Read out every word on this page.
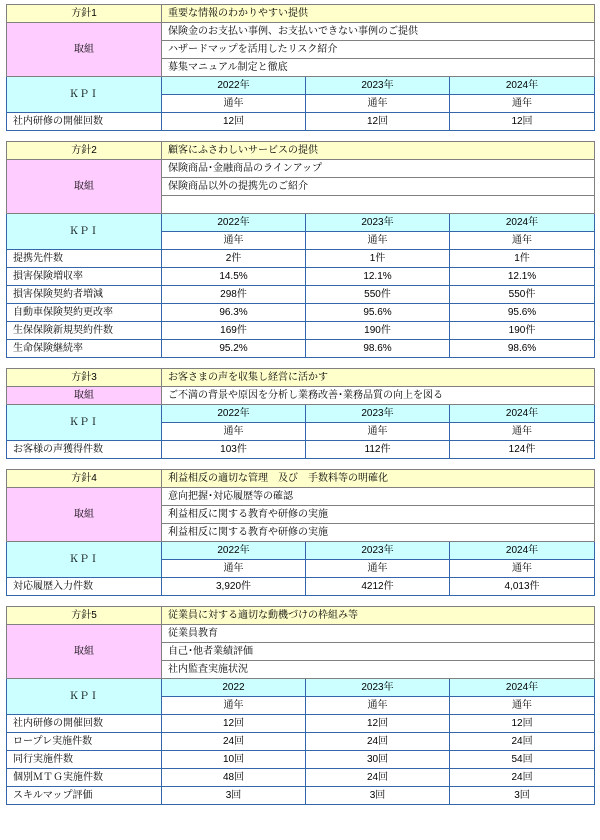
方針1	重要な情報のわかりやすい提供		
取組	保険金のお支払い事例、お支払いできない事例のご提供		
	ハザードマップを活用したリスク紹介		
	募集マニュアル制定と徹底		
ＫＰＩ	2022年	2023年	2024年
	通年	通年	通年
社内研修の開催回数	12回	12回	12回
方針2	顧客にふさわしいサービスの提供		
取組	保険商品･金融商品のラインアップ		
	保険商品以外の提携先のご紹介		

ＫＰＩ	2022年	2023年	2024年
	通年	通年	通年
提携先件数	2件	1件	1件
損害保険増収率	14.5%	12.1%	12.1%
損害保険契約者増減	298件	550件	550件
自動車保険契約更改率	96.3%	95.6%	95.6%
生保保険新規契約件数	169件	190件	190件
生命保険継続率	95.2%	98.6%	98.6%
方針3	お客さまの声を収集し経営に活かす		
取組	ご不満の背景や原因を分析し業務改善･業務品質の向上を図る		
ＫＰＩ	2022年	2023年	2024年
	通年	通年	通年
お客様の声獲得件数	103件	112件	124件
方針4	利益相反の適切な管理　及び　手数料等の明確化		
取組	意向把握･対応履歴等の確認		
	利益相反に関する教育や研修の実施		
	利益相反に関する教育や研修の実施		
ＫＰＩ	2022年	2023年	2024年
	通年	通年	通年
対応履歴入力件数	3,920件	4212件	4,013件
方針5	従業員に対する適切な動機づけの枠組み等		
取組	従業員教育		
	自己･他者業績評価		
	社内監査実施状況		
ＫＰＩ	2022	2023年	2024年
	通年	通年	通年
社内研修の開催回数	12回	12回	12回
ロープレ実施件数	24回	24回	24回
同行実施件数	10回	30回	54回
個別ＭＴＧ実施件数	48回	24回	24回
スキルマップ評価	3回	3回	3回
